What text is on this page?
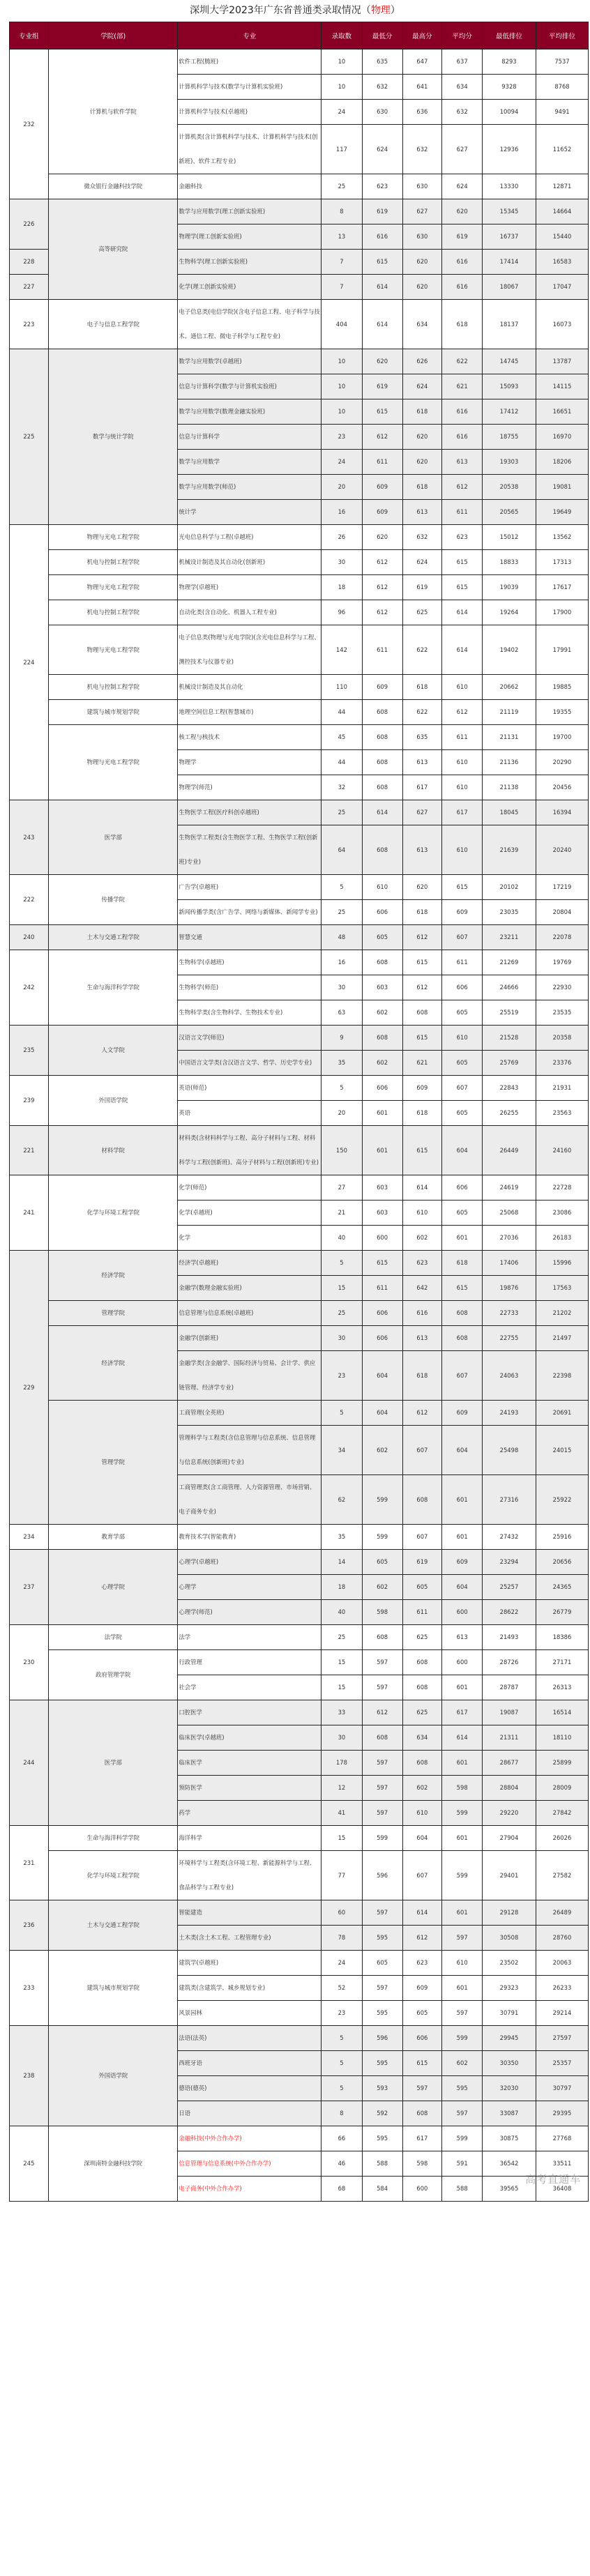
深圳大学2023年广东省普通类录取情况（物理）
专业组	学院(部)	专业	录取数	最低分	最高分	平均分	最低排位	平均排位
232	计算机与软件学院	软件工程(腾班)	10	635	647	637	8293	7537
		计算机科学与技术(数学与计算机实验班)	10	632	641	634	9328	8768
		计算机科学与技术(卓越班)	24	630	636	632	10094	9491
		计算机类(含计算机科学与技术、计算机科学与技术(创新班)、软件工程专业)	117	624	632	627	12936	11652
	微众银行金融科技学院	金融科技	25	623	630	624	13330	12871
226	高等研究院	数学与应用数学(理工创新实验班)	8	619	627	620	15345	14664
		物理学(理工创新实验班)	13	616	630	619	16737	15440
228		生物科学(理工创新实验班)	7	615	620	616	17414	16583
227		化学(理工创新实验班)	7	614	620	616	18067	17047
223	电子与信息工程学院	电子信息类(电信学院)(含电子信息工程、电子科学与技术、通信工程、微电子科学与工程专业)	404	614	634	618	18137	16073
225	数学与统计学院	数学与应用数学(卓越班)	10	620	626	622	14745	13787
		信息与计算科学(数学与计算机实验班)	10	619	624	621	15093	14115
		数学与应用数学(数理金融实验班)	10	615	618	616	17412	16651
		信息与计算科学	23	612	620	616	18755	16970
		数学与应用数学	24	611	620	613	19303	18206
		数学与应用数学(师范)	20	609	618	612	20538	19081
		统计学	16	609	613	611	20565	19649
224	物理与光电工程学院	光电信息科学与工程(卓越班)	26	620	632	623	15012	13562
	机电与控制工程学院	机械设计制造及其自动化(创新班)	30	612	624	615	18833	17313
	物理与光电工程学院	物理学(卓越班)	18	612	619	615	19039	17617
	机电与控制工程学院	自动化类(含自动化、机器人工程专业)	96	612	625	614	19264	17900
	物理与光电工程学院	电子信息类(物理与光电学院)(含光电信息科学与工程、测控技术与仪器专业)	142	611	622	614	19402	17991
	机电与控制工程学院	机械设计制造及其自动化	110	609	618	610	20662	19885
	建筑与城市规划学院	地理空间信息工程(智慧城市)	44	608	622	612	21119	19355
	物理与光电工程学院	核工程与核技术	45	608	635	611	21131	19700
		物理学	44	608	613	610	21136	20290
		物理学(师范)	32	608	617	610	21138	20456
243	医学部	生物医学工程(医疗科创卓越班)	25	614	627	617	18045	16394
		生物医学工程类(含生物医学工程、生物医学工程(创新班)专业)	64	608	613	610	21639	20240
222	传播学院	广告学(卓越班)	5	610	620	615	20102	17219
		新闻传播学类(含广告学、网络与新媒体、新闻学专业)	25	606	618	609	23035	20804
240	土木与交通工程学院	智慧交通	48	605	612	607	23211	22078
242	生命与海洋科学学院	生物科学(卓越班)	16	608	615	611	21269	19769
		生物科学(师范)	30	603	612	606	24666	22930
		生物科学类(含生物科学、生物技术专业)	63	602	608	605	25519	23535
235	人文学院	汉语言文学(师范)	9	608	615	610	21528	20358
		中国语言文学类(含汉语言文学、哲学、历史学专业)	35	602	621	605	25769	23376
239	外国语学院	英语(师范)	5	606	609	607	22843	21931
		英语	20	601	618	605	26255	23563
221	材料学院	材料类(含材料科学与工程、高分子材料与工程、材料科学与工程(创新班)、高分子材料与工程(创新班)专业)	150	601	615	604	26449	24160
241	化学与环境工程学院	化学(师范)	27	603	614	606	24619	22728
		化学(卓越班)	21	603	610	605	25068	23086
		化学	40	600	602	601	27036	26183
229	经济学院	经济学(卓越班)	5	615	623	618	17406	15996
		金融学(数理金融实验班)	15	611	642	615	19876	17563
	管理学院	信息管理与信息系统(卓越班)	25	606	616	608	22733	21202
	经济学院	金融学(创新班)	30	606	613	608	22755	21497
		金融学类(含金融学、国际经济与贸易、会计学、供应链管理、经济学专业)	23	604	618	607	24063	22398
	管理学院	工商管理(全英班)	5	604	612	609	24193	20691
		管理科学与工程类(含信息管理与信息系统、信息管理与信息系统(创新班)专业)	34	602	607	604	25498	24015
		工商管理类(含工商管理、人力资源管理、市场营销、电子商务专业)	62	599	608	601	27316	25922
234	教育学部	教育技术学(智能教育)	35	599	607	601	27432	25916
237	心理学院	心理学(卓越班)	14	605	619	609	23294	20656
		心理学	18	602	605	604	25257	24365
		心理学(师范)	40	598	611	600	28622	26779
230	法学院	法学	25	608	625	613	21493	18386
	政府管理学院	行政管理	15	597	608	600	28726	27171
		社会学	15	597	608	601	28787	26313
244	医学部	口腔医学	33	612	625	617	19087	16514
		临床医学(卓越班)	30	608	634	614	21311	18110
		临床医学	178	597	608	601	28677	25899
		预防医学	12	597	602	598	28804	28009
		药学	41	597	610	599	29220	27842
231	生命与海洋科学学院	海洋科学	15	599	604	601	27904	26026
	化学与环境工程学院	环境科学与工程类(含环境工程、新能源科学与工程、食品科学与工程专业)	77	596	607	599	29401	27582
236	土木与交通工程学院	智能建造	60	597	614	601	29128	26489
		土木类(含土木工程、工程管理专业)	78	595	612	597	30508	28760
233	建筑与城市规划学院	建筑学(卓越班)	24	605	623	610	23502	20063
		建筑类(含建筑学、城乡规划专业)	52	597	609	601	29323	26233
		风景园林	23	595	605	597	30791	29214
238	外国语学院	法语(法英)	5	596	606	599	29945	27597
		西班牙语	5	595	615	602	30350	25357
		德语(德英)	5	593	597	595	32030	30797
		日语	8	592	608	597	33087	29395
245	深圳南特金融科技学院	金融科技(中外合作办学)	66	595	617	599	30875	27768
		信息管理与信息系统(中外合作办学)	46	588	598	591	36542	33511
		电子商务(中外合作办学)	68	584	600	588	39565	36408
高考直通车
